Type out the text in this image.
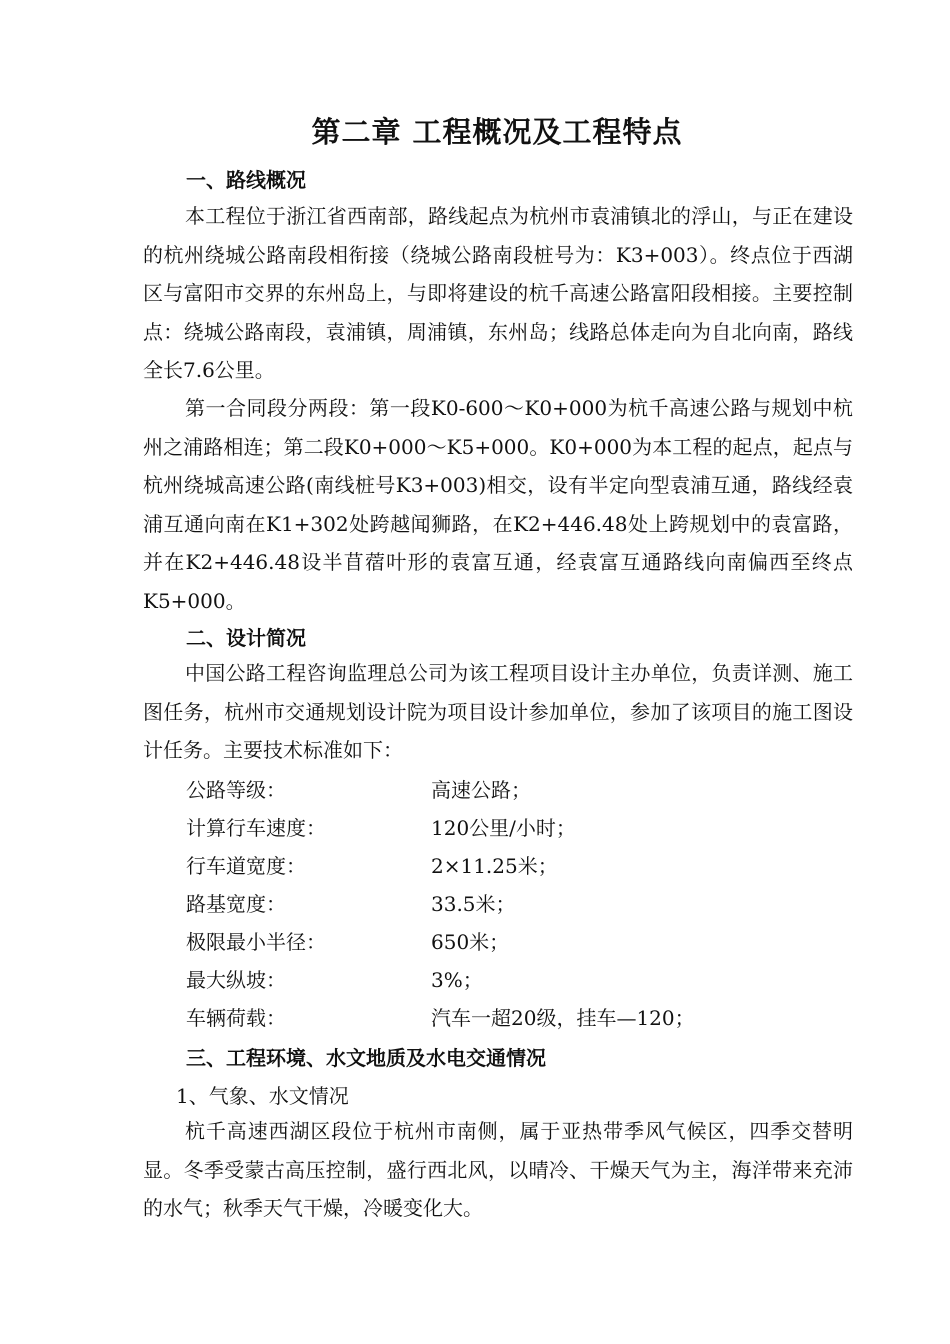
第二章 工程概况及工程特点
一、路线概况
本工程位于浙江省西南部，路线起点为杭州市袁浦镇北的浮山，与正在建设的杭州绕城公路南段相衔接（绕城公路南段桩号为：K3+003）。终点位于西湖区与富阳市交界的东州岛上，与即将建设的杭千高速公路富阳段相接。主要控制点：绕城公路南段，袁浦镇，周浦镇，东州岛；线路总体走向为自北向南，路线全长7.6公里。
第一合同段分两段：第一段K0-600～K0+000为杭千高速公路与规划中杭州之浦路相连；第二段K0+000～K5+000。K0+000为本工程的起点，起点与杭州绕城高速公路(南线桩号K3+003)相交，设有半定向型袁浦互通，路线经袁浦互通向南在K1+302处跨越闻狮路，在K2+446.48处上跨规划中的袁富路，并在K2+446.48设半苜蓿叶形的袁富互通，经袁富互通路线向南偏西至终点K5+000。
二、设计简况
中国公路工程咨询监理总公司为该工程项目设计主办单位，负责详测、施工图任务，杭州市交通规划设计院为项目设计参加单位，参加了该项目的施工图设计任务。主要技术标准如下：
公路等级：	高速公路；
计算行车速度：	120公里/小时；
行车道宽度：	2×11.25米；
路基宽度：	33.5米；
极限最小半径：	650米；
最大纵坡：	3%；
车辆荷载：	汽车一超20级，挂车—120；
三、工程环境、水文地质及水电交通情况
1、气象、水文情况
杭千高速西湖区段位于杭州市南侧，属于亚热带季风气候区，四季交替明显。冬季受蒙古高压控制，盛行西北风，以晴冷、干燥天气为主，海洋带来充沛的水气；秋季天气干燥，冷暖变化大。
